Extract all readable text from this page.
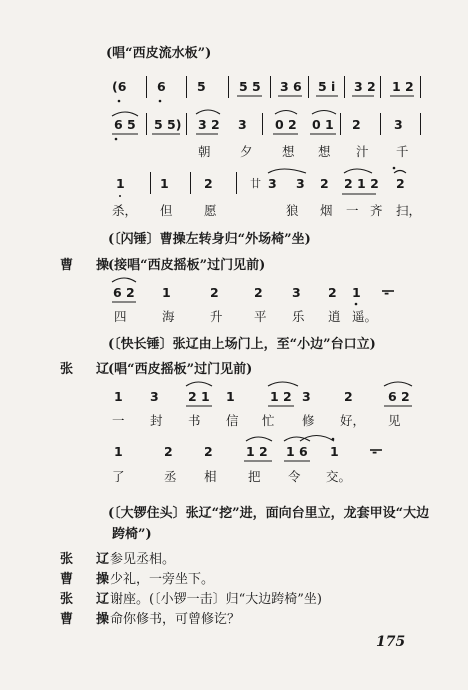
(唱“西皮流水板”)
(6 6	5	5 5 3 6 5 i 3 2 1 2
6 5 5 5) 3 2 3 0 2 0 1 2	3
朝 夕 想 想 汁 千
1	1	2	廿 3 3 2 2 1 2 2
杀， 但	愿	狼 烟 一 齐 扫，
(〔闪锤〕曹操左转身归“外场椅”坐)
曹　操
(接唱“西皮摇板”过门见前)
6 2 1	2	2 3 2 1 -
四	海	升	平 乐 逍 遥。
(〔快长锤〕张辽由上场门上，至“小边”台口立)
张　辽
(唱“西皮摇板”过门见前)
1 3 2 1 1	1 2 3	2	6 2
一 封 书 信 忙 修 好， 见
1	2	2	1 2 1 6 1	-
了	丞 相	把 令 交。
(〔大锣住头〕张辽“挖”进，面向台里立，龙套甲设“大边
跨椅”)
张　辽
参见丞相。
曹　操
少礼，一旁坐下。
张　辽
谢座。(〔小锣一击〕归“大边跨椅”坐)
曹　操
命你修书，可曾修讫？
175
